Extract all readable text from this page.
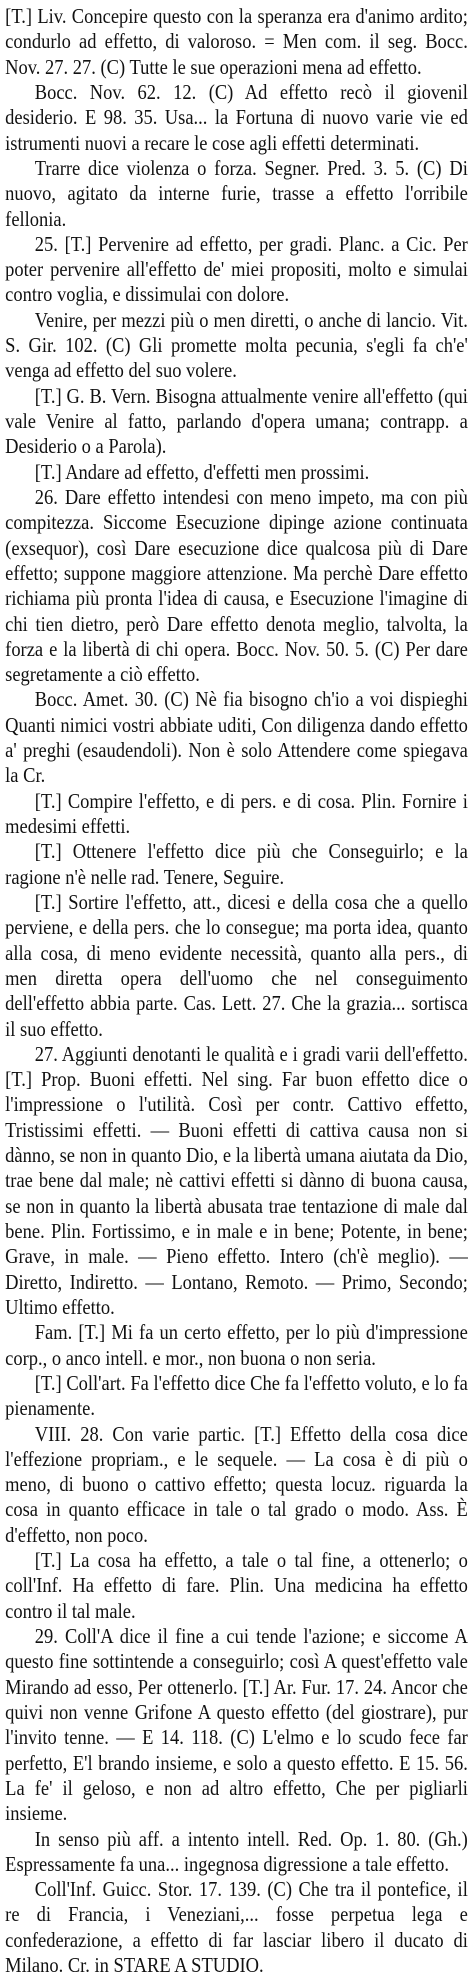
[T.] Liv. Concepire questo con la speranza era d'animo ardito; condurlo ad effetto, di valoroso. = Men com. il seg. Bocc. Nov. 27. 27. (C) Tutte le sue operazioni mena ad effetto.

Bocc. Nov. 62. 12. (C) Ad effetto recò il giovenil desiderio. E 98. 35. Usa... la Fortuna di nuovo varie vie ed istrumenti nuovi a recare le cose agli effetti determinati.

Trarre dice violenza o forza. Segner. Pred. 3. 5. (C) Di nuovo, agitato da interne furie, trasse a effetto l'orribile fellonia.

25. [T.] Pervenire ad effetto, per gradi. Planc. a Cic. Per poter pervenire all'effetto de' miei propositi, molto e simulai contro voglia, e dissimulai con dolore.

Venire, per mezzi più o men diretti, o anche di lancio. Vit. S. Gir. 102. (C) Gli promette molta pecunia, s'egli fa ch'e' venga ad effetto del suo volere.

[T.] G. B. Vern. Bisogna attualmente venire all'effetto (qui vale Venire al fatto, parlando d'opera umana; contrapp. a Desiderio o a Parola).

[T.] Andare ad effetto, d'effetti men prossimi.

26. Dare effetto intendesi con meno impeto, ma con più compitezza. Siccome Esecuzione dipinge azione continuata (exsequor), così Dare esecuzione dice qualcosa più di Dare effetto; suppone maggiore attenzione. Ma perchè Dare effetto richiama più pronta l'idea di causa, e Esecuzione l'imagine di chi tien dietro, però Dare effetto denota meglio, talvolta, la forza e la libertà di chi opera. Bocc. Nov. 50. 5. (C) Per dare segretamente a ciò effetto.

Bocc. Amet. 30. (C) Nè fia bisogno ch'io a voi dispieghi Quanti nimici vostri abbiate uditi, Con diligenza dando effetto a' preghi (esaudendoli). Non è solo Attendere come spiegava la Cr.

[T.] Compire l'effetto, e di pers. e di cosa. Plin. Fornire i medesimi effetti.

[T.] Ottenere l'effetto dice più che Conseguirlo; e la ragione n'è nelle rad. Tenere, Seguire.

[T.] Sortire l'effetto, att., dicesi e della cosa che a quello perviene, e della pers. che lo consegue; ma porta idea, quanto alla cosa, di meno evidente necessità, quanto alla pers., di men diretta opera dell'uomo che nel conseguimento dell'effetto abbia parte. Cas. Lett. 27. Che la grazia... sortisca il suo effetto.

27. Aggiunti denotanti le qualità e i gradi varii dell'effetto. [T.] Prop. Buoni effetti. Nel sing. Far buon effetto dice o l'impressione o l'utilità. Così per contr. Cattivo effetto, Tristissimi effetti. — Buoni effetti di cattiva causa non si dànno, se non in quanto Dio, e la libertà umana aiutata da Dio, trae bene dal male; nè cattivi effetti si dànno di buona causa, se non in quanto la libertà abusata trae tentazione di male dal bene. Plin. Fortissimo, e in male e in bene; Potente, in bene; Grave, in male. — Pieno effetto. Intero (ch'è meglio). — Diretto, Indiretto. — Lontano, Remoto. — Primo, Secondo; Ultimo effetto.

Fam. [T.] Mi fa un certo effetto, per lo più d'impressione corp., o anco intell. e mor., non buona o non seria.

[T.] Coll'art. Fa l'effetto dice Che fa l'effetto voluto, e lo fa pienamente.

VIII. 28. Con varie partic. [T.] Effetto della cosa dice l'effezione propriam., e le sequele. — La cosa è di più o meno, di buono o cattivo effetto; questa locuz. riguarda la cosa in quanto efficace in tale o tal grado o modo. Ass. È d'effetto, non poco.

[T.] La cosa ha effetto, a tale o tal fine, a ottenerlo; o coll'Inf. Ha effetto di fare. Plin. Una medicina ha effetto contro il tal male.

29. Coll'A dice il fine a cui tende l'azione; e siccome A questo fine sottintende a conseguirlo; così A quest'effetto vale Mirando ad esso, Per ottenerlo. [T.] Ar. Fur. 17. 24. Ancor che quivi non venne Grifone A questo effetto (del giostrare), pur l'invito tenne. — E 14. 118. (C) L'elmo e lo scudo fece far perfetto, E'l brando insieme, e solo a questo effetto. E 15. 56. La fe' il geloso, e non ad altro effetto, Che per pigliarli insieme.

In senso più aff. a intento intell. Red. Op. 1. 80. (Gh.) Espressamente fa una... ingegnosa digressione a tale effetto.

Coll'Inf. Guicc. Stor. 17. 139. (C) Che tra il pontefice, il re di Francia, i Veneziani,... fosse perpetua lega e confederazione, a effetto di far lasciar libero il ducato di Milano. Cr. in STARE A STUDIO.
